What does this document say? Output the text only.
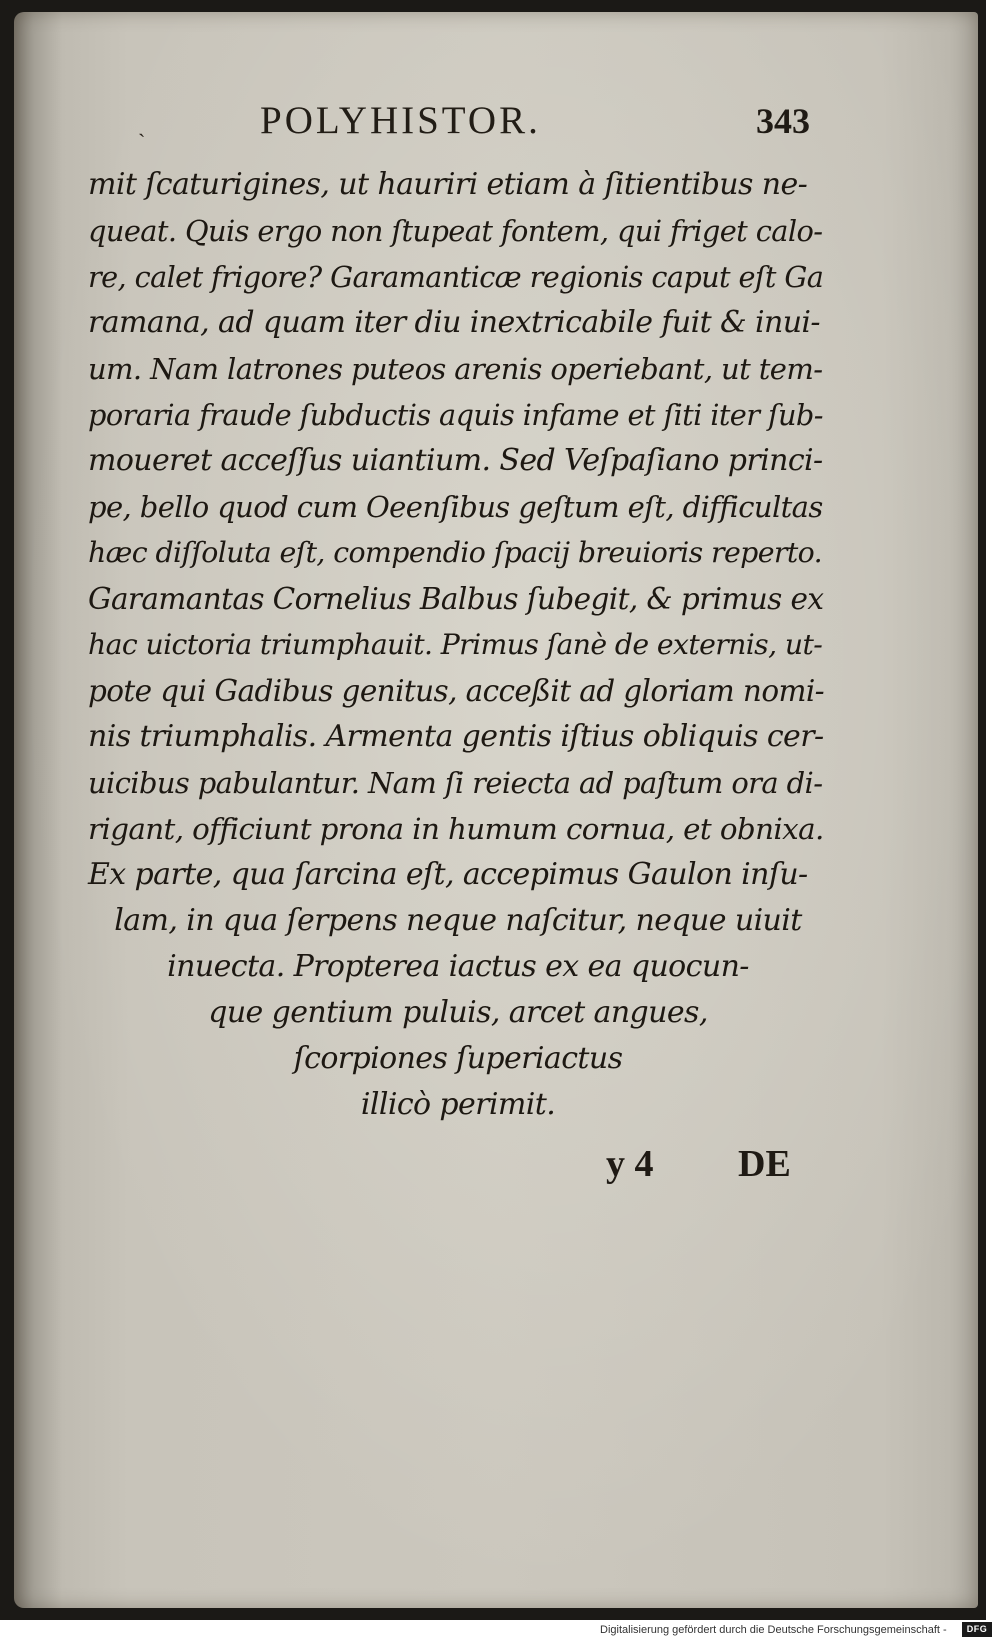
ˎ	POLYHISTOR.	343
mit ſcaturigines, ut hauriri etiam à ſitientibus ne-
queat. Quis ergo non ſtupeat fontem, qui friget calo-
re, calet frigore? Garamanticæ regionis caput eſt Ga
ramana, ad quam iter diu inextricabile fuit & inui-
um. Nam latrones puteos arenis operiebant, ut tem-
poraria fraude ſubductis aquis infame et ſiti iter ſub-
moueret acceſſus uiantium. Sed Veſpaſiano princi-
pe, bello quod cum Oeenſibus geſtum eſt, difficultas
hæc diſſoluta eſt, compendio ſpacij breuioris reperto.
Garamantas Cornelius Balbus ſubegit, & primus ex
hac uictoria triumphauit. Primus ſanè de externis, ut-
pote qui Gadibus genitus, acceßit ad gloriam nomi-
nis triumphalis. Armenta gentis iſtius obliquis cer-
uicibus pabulantur. Nam ſi reiecta ad paſtum ora di-
rigant, officiunt prona in humum cornua, et obnixa.
Ex parte, qua ſarcina eſt, accepimus Gaulon inſu-
lam, in qua ſerpens neque naſcitur, neque uiuit
inuecta. Propterea iactus ex ea quocun-
que gentium puluis, arcet angues,
ſcorpiones ſuperiactus
illicò perimit.
y 4 DE
Digitalisierung gefördert durch die Deutsche Forschungsgemeinschaft -	DFG
